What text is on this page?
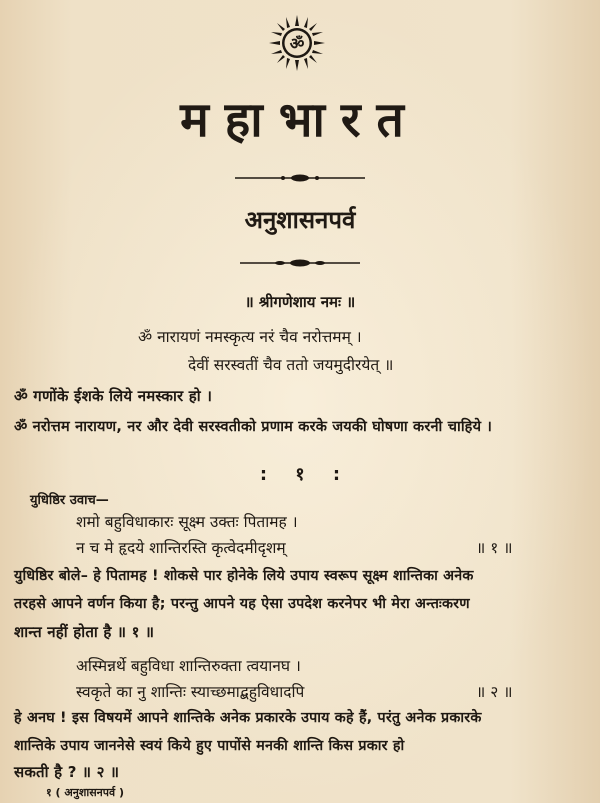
ॐ
महाभारत
अनुशासनपर्व
॥ श्रीगणेशाय नमः ॥
ॐ नारायणं नमस्कृत्य नरं चैव नरोत्तमम् ।
देवीं सरस्वतीं चैव ततो जयमुदीरयेत् ॥
ॐ गणोंके ईशके लिये नमस्कार हो ।
ॐ नरोत्तम नारायण, नर और देवी सरस्वतीको प्रणाम करके जयकी घोषणा करनी चाहिये ।
: १ :
युधिष्ठिर उवाच—
शमो बहुविधाकारः सूक्ष्म उक्तः पितामह ।
न च मे हृदये शान्तिरस्ति कृत्वेदमीदृशम्	॥ १ ॥
युधिष्ठिर बोले– हे पितामह ! शोकसे पार होनेके लिये उपाय स्वरूप सूक्ष्म शान्तिका अनेक
तरहसे आपने वर्णन किया है; परन्तु आपने यह ऐसा उपदेश करनेपर भी मेरा अन्तःकरण
शान्त नहीं होता है ॥ १ ॥
अस्मिन्नर्थे बहुविधा शान्तिरुक्ता त्वयानघ ।
स्वकृते का नु शान्तिः स्याच्छमाद्बहुविधादपि	॥ २ ॥
हे अनघ ! इस विषयमें आपने शान्तिके अनेक प्रकारके उपाय कहे हैं, परंतु अनेक प्रकारके
शान्तिके उपाय जाननेसे स्वयं किये हुए पापोंसे मनकी शान्ति किस प्रकार हो
सकती है ? ॥ २ ॥
१ ( अनुशासनपर्व )
